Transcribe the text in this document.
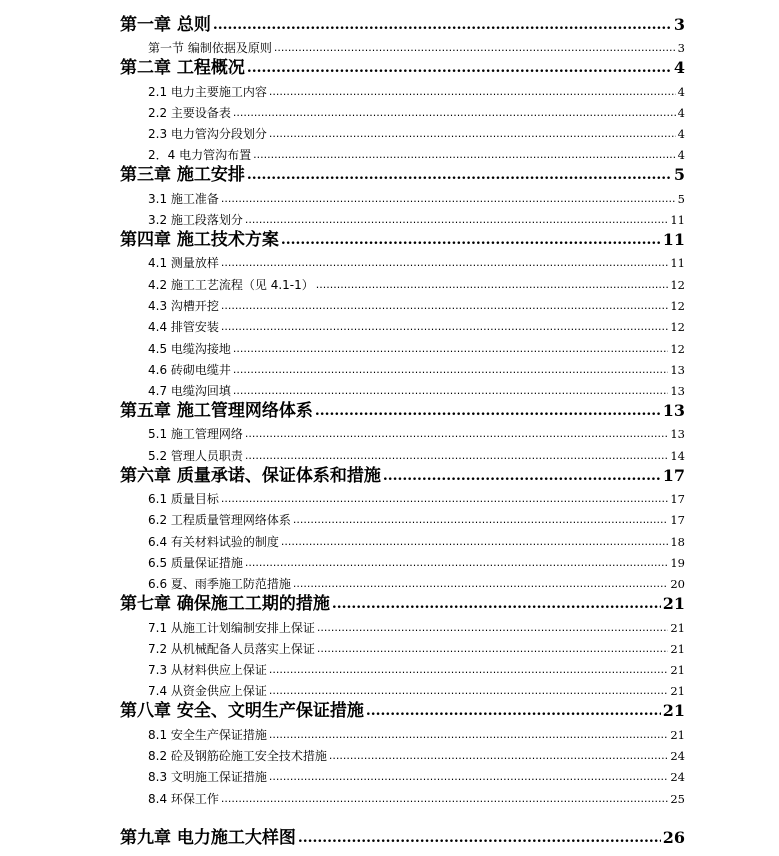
第一章 总则 .....	3
第一节 编制依据及原则 .....	3
第二章 工程概况 .....	4
2.1 电力主要施工内容 .....	4
2.2 主要设备表 .....	4
2.3 电力管沟分段划分 .....	4
2．4 电力管沟布置 .....	4
第三章 施工安排 .....	5
3.1 施工准备 .....	5
3.2 施工段落划分 .....	11
第四章 施工技术方案 .....	11
4.1 测量放样 .....	11
4.2 施工工艺流程（见 4.1-1） .....	12
4.3 沟槽开挖 .....	12
4.4 排管安装 .....	12
4.5 电缆沟接地 .....	12
4.6 砖砌电缆井 .....	13
4.7 电缆沟回填 .....	13
第五章 施工管理网络体系 .....	13
5.1 施工管理网络 .....	13
5.2 管理人员职责 .....	14
第六章 质量承诺、保证体系和措施 .....	17
6.1 质量目标 .....	17
6.2 工程质量管理网络体系 .....	17
6.4 有关材料试验的制度 .....	18
6.5 质量保证措施 .....	19
6.6 夏、雨季施工防范措施 .....	20
第七章 确保施工工期的措施 .....	21
7.1 从施工计划编制安排上保证 .....	21
7.2 从机械配备人员落实上保证 .....	21
7.3 从材料供应上保证 .....	21
7.4 从资金供应上保证 .....	21
第八章 安全、文明生产保证措施 .....	21
8.1 安全生产保证措施 .....	21
8.2 砼及钢筋砼施工安全技术措施 .....	24
8.3 文明施工保证措施 .....	24
8.4 环保工作 .....	25
第九章 电力施工大样图 .....	26
